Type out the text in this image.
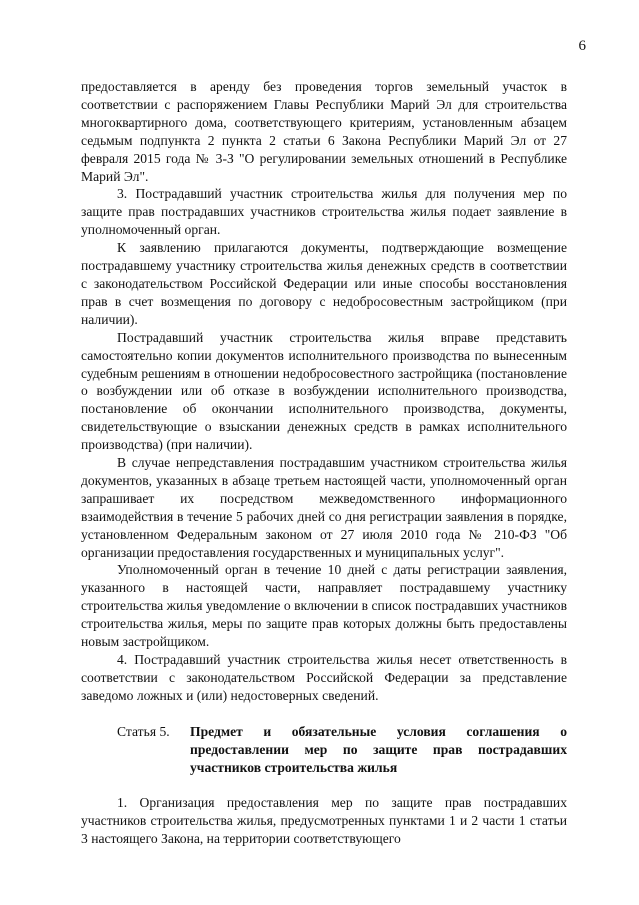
6

предоставляется в аренду без проведения торгов земельный участок в соответствии с распоряжением Главы Республики Марий Эл для строительства многоквартирного дома, соответствующего критериям, установленным абзацем седьмым подпункта 2 пункта 2 статьи 6 Закона Республики Марий Эл от 27 февраля 2015 года № 3-З "О регулировании земельных отношений в Республике Марий Эл".

3. Пострадавший участник строительства жилья для получения мер по защите прав пострадавших участников строительства жилья подает заявление в уполномоченный орган.

К заявлению прилагаются документы, подтверждающие возмещение пострадавшему участнику строительства жилья денежных средств в соответствии с законодательством Российской Федерации или иные способы восстановления прав в счет возмещения по договору с недобросовестным застройщиком (при наличии).

Пострадавший участник строительства жилья вправе представить самостоятельно копии документов исполнительного производства по вынесенным судебным решениям в отношении недобросовестного застройщика (постановление о возбуждении или об отказе в возбуждении исполнительного производства, постановление об окончании исполнительного производства, документы, свидетельствующие о взыскании денежных средств в рамках исполнительного производства) (при наличии).

В случае непредставления пострадавшим участником строительства жилья документов, указанных в абзаце третьем настоящей части, уполномоченный орган запрашивает их посредством межведомственного информационного взаимодействия в течение 5 рабочих дней со дня регистрации заявления в порядке, установленном Федеральным законом от 27 июля 2010 года № 210-ФЗ "Об организации предоставления государственных и муниципальных услуг".

Уполномоченный орган в течение 10 дней с даты регистрации заявления, указанного в настоящей части, направляет пострадавшему участнику строительства жилья уведомление о включении в список пострадавших участников строительства жилья, меры по защите прав которых должны быть предоставлены новым застройщиком.

4. Пострадавший участник строительства жилья несет ответственность в соответствии с законодательством Российской Федерации за представление заведомо ложных и (или) недостоверных сведений.

Статья 5. Предмет и обязательные условия соглашения о предоставлении мер по защите прав пострадавших участников строительства жилья

1. Организация предоставления мер по защите прав пострадавших участников строительства жилья, предусмотренных пунктами 1 и 2 части 1 статьи 3 настоящего Закона, на территории соответствующего
